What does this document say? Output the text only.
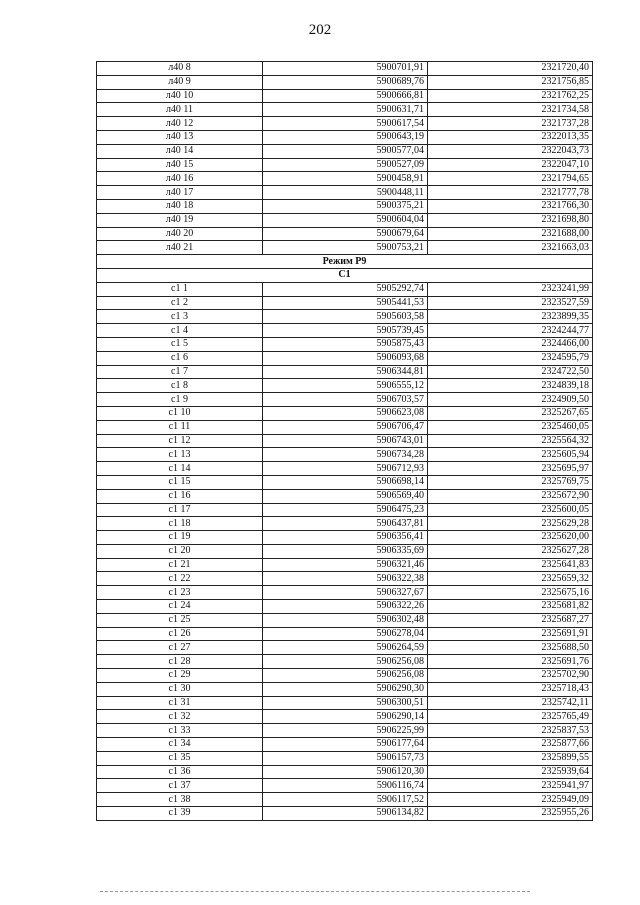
202
л40 8	5900701,91	2321720,40
л40 9	5900689,76	2321756,85
л40 10	5900666,81	2321762,25
л40 11	5900631,71	2321734,58
л40 12	5900617,54	2321737,28
л40 13	5900643,19	2322013,35
л40 14	5900577,04	2322043,73
л40 15	5900527,09	2322047,10
л40 16	5900458,91	2321794,65
л40 17	5900448,11	2321777,78
л40 18	5900375,21	2321766,30
л40 19	5900604,04	2321698,80
л40 20	5900679,64	2321688,00
л40 21	5900753,21	2321663,03
Режим Р9		
С1		
с1 1	5905292,74	2323241,99
с1 2	5905441,53	2323527,59
с1 3	5905603,58	2323899,35
с1 4	5905739,45	2324244,77
с1 5	5905875,43	2324466,00
с1 6	5906093,68	2324595,79
с1 7	5906344,81	2324722,50
с1 8	5906555,12	2324839,18
с1 9	5906703,57	2324909,50
с1 10	5906623,08	2325267,65
с1 11	5906706,47	2325460,05
с1 12	5906743,01	2325564,32
с1 13	5906734,28	2325605,94
с1 14	5906712,93	2325695,97
с1 15	5906698,14	2325769,75
с1 16	5906569,40	2325672,90
с1 17	5906475,23	2325600,05
с1 18	5906437,81	2325629,28
с1 19	5906356,41	2325620,00
с1 20	5906335,69	2325627,28
с1 21	5906321,46	2325641,83
с1 22	5906322,38	2325659,32
с1 23	5906327,67	2325675,16
с1 24	5906322,26	2325681,82
с1 25	5906302,48	2325687,27
с1 26	5906278,04	2325691,91
с1 27	5906264,59	2325688,50
с1 28	5906256,08	2325691,76
с1 29	5906256,08	2325702,90
с1 30	5906290,30	2325718,43
с1 31	5906300,51	2325742,11
с1 32	5906290,14	2325765,49
с1 33	5906225,99	2325837,53
с1 34	5906177,64	2325877,66
с1 35	5906157,73	2325899,55
с1 36	5906120,30	2325939,64
с1 37	5906116,74	2325941,97
с1 38	5906117,52	2325949,09
с1 39	5906134,82	2325955,26
